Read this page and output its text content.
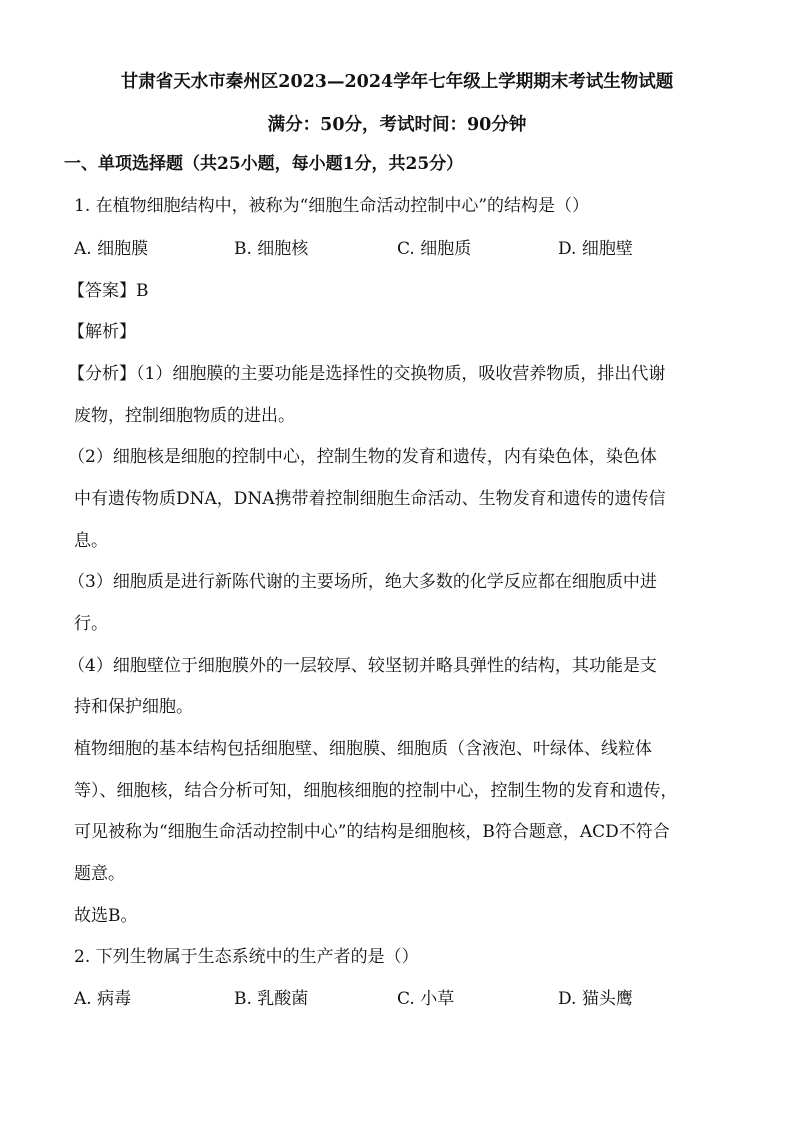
甘肃省天水市秦州区2023—2024学年七年级上学期期末考试生物试题
满分：50分，考试时间：90分钟
一、单项选择题（共25小题，每小题1分，共25分）
1. 在植物细胞结构中，被称为“细胞生命活动控制中心”的结构是（）
A. 细胞膜	B. 细胞核	C. 细胞质	D. 细胞壁
【答案】B
【解析】
【分析】（1）细胞膜的主要功能是选择性的交换物质，吸收营养物质，排出代谢
废物，控制细胞物质的进出。
（2）细胞核是细胞的控制中心，控制生物的发育和遗传，内有染色体，染色体
中有遗传物质DNA，DNA携带着控制细胞生命活动、生物发育和遗传的遗传信
息。
（3）细胞质是进行新陈代谢的主要场所，绝大多数的化学反应都在细胞质中进
行。
（4）细胞壁位于细胞膜外的一层较厚、较坚韧并略具弹性的结构，其功能是支
持和保护细胞。
植物细胞的基本结构包括细胞壁、细胞膜、细胞质（含液泡、叶绿体、线粒体
等）、细胞核，结合分析可知，细胞核细胞的控制中心，控制生物的发育和遗传，
可见被称为“细胞生命活动控制中心”的结构是细胞核，B符合题意，ACD不符合
题意。
故选B。
2. 下列生物属于生态系统中的生产者的是（）
A. 病毒	B. 乳酸菌	C. 小草	D. 猫头鹰
